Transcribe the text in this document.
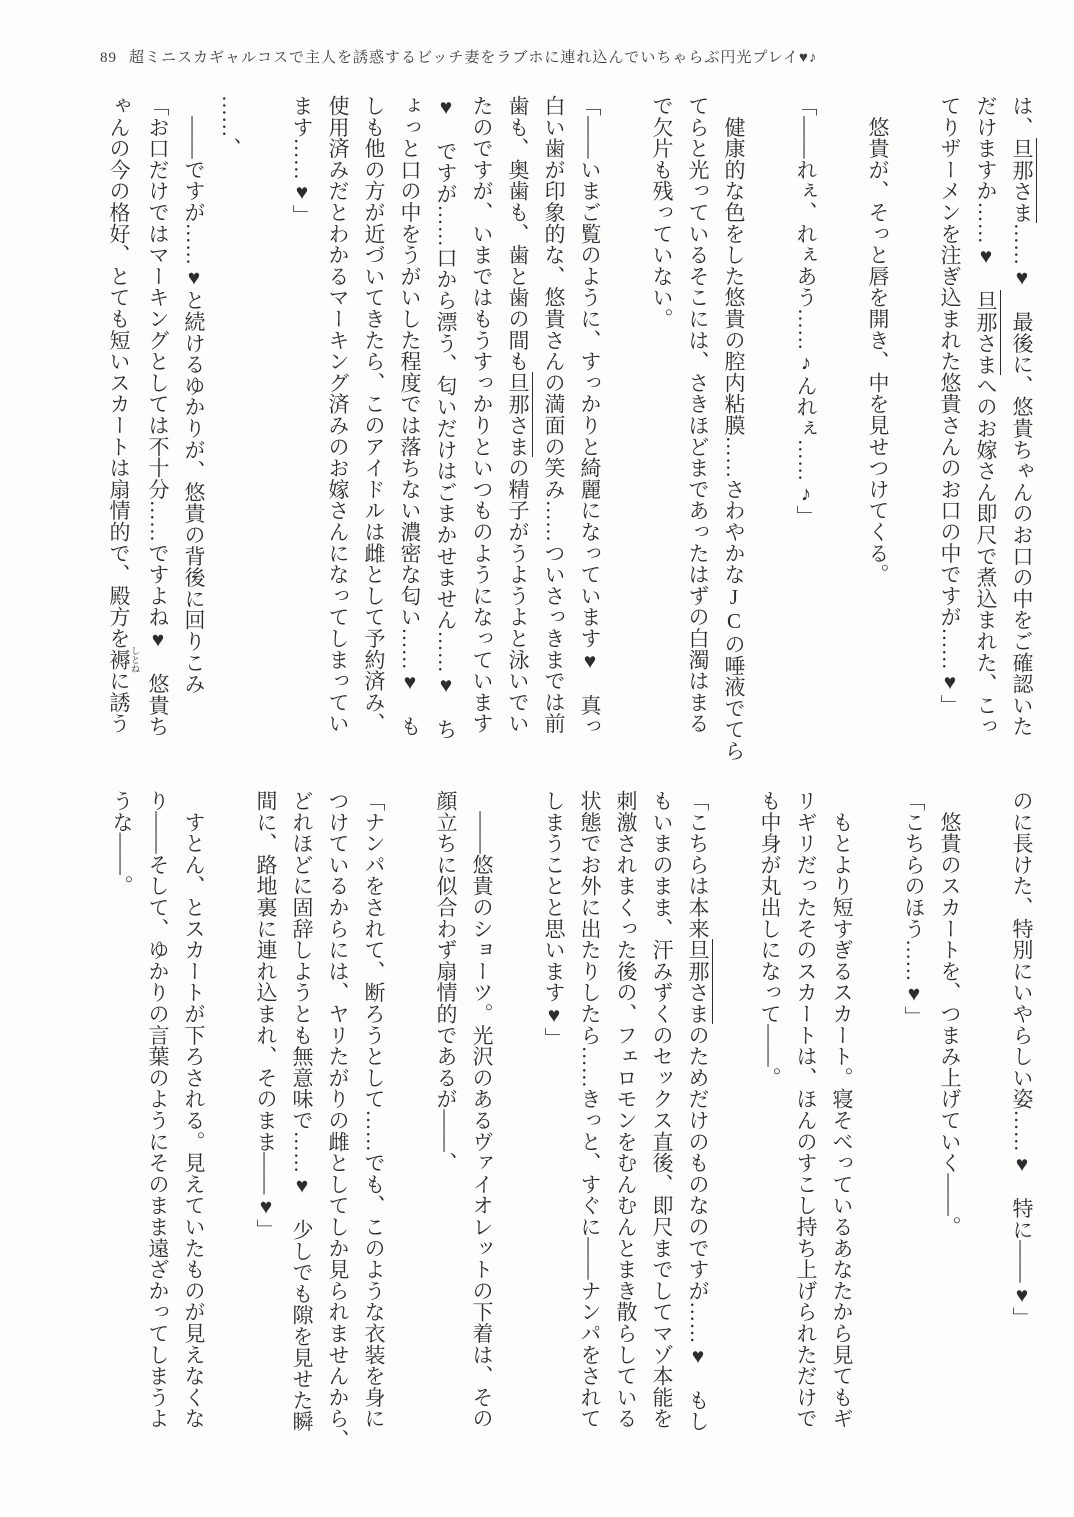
89 超ミニスカギャルコスで主人を誘惑するビッチ妻をラブホに連れ込んでいちゃらぶ円光プレイ♥♪
は、旦那さま……♥　最後に、悠貴ちゃんのお口の中をご確認いた
だけますか……♥　旦那さまへのお嫁さん即尺で煮込まれた、こっ
てりザーメンを注ぎ込まれた悠貴さんのお口の中ですが……♥」
　悠貴が、そっと唇を開き、中を見せつけてくる。
「――れぇ、れぇあう……♪んれぇ……♪」
　健康的な色をした悠貴の腔内粘膜……さわやかなJCの唾液でてら
てらと光っているそこには、さきほどまであったはずの白濁はまる
で欠片も残っていない。
「――いまご覧のように、すっかりと綺麗になっています♥　真っ
白い歯が印象的な、悠貴さんの満面の笑み……ついさっきまでは前
歯も、奥歯も、歯と歯の間も旦那さまの精子がうようよと泳いでい
たのですが、いまではもうすっかりといつものようになっています
♥　ですが……口から漂う、匂いだけはごまかせません……♥　ち
ょっと口の中をうがいした程度では落ちない濃密な匂い……♥　も
しも他の方が近づいてきたら、このアイドルは雌として予約済み、
使用済みだとわかるマーキング済みのお嫁さんになってしまってい
ます……♥」
……、
　――ですが……♥と続けるゆかりが、悠貴の背後に回りこみ
「お口だけではマーキングとしては不十分……ですよね♥　悠貴ち
ゃんの今の格好、とても短いスカートは扇情的で、殿方を褥 しとねに誘う
のに長けた、特別にいやらしい姿……♥　特に――♥」
　悠貴のスカートを、つまみ上げていく――。
「こちらのほう……♥」
　もとより短すぎるスカート。寝そべっているあなたから見てもギ
リギリだったそのスカートは、ほんのすこし持ち上げられただけで
も中身が丸出しになって――。
「こちらは本来旦那さまのためだけのものなのですが……♥　もし
もいまのまま、汗みずくのセックス直後、即尺までしてマゾ本能を
刺激されまくった後の、フェロモンをむんむんとまき散らしている
状態でお外に出たりしたら……きっと、すぐに――ナンパをされて
しまうことと思います♥」
　――悠貴のショーツ。光沢のあるヴァイオレットの下着は、その
顔立ちに似合わず扇情的であるが――、
「ナンパをされて、断ろうとして……でも、このような衣装を身に
つけているからには、ヤリたがりの雌としてしか見られませんから、
どれほどに固辞しようとも無意味で……♥　少しでも隙を見せた瞬
間に、路地裏に連れ込まれ、そのまま――♥」
　すとん、とスカートが下ろされる。見えていたものが見えなくな
り――そして、ゆかりの言葉のようにそのまま遠ざかってしまうよ
うな――。
